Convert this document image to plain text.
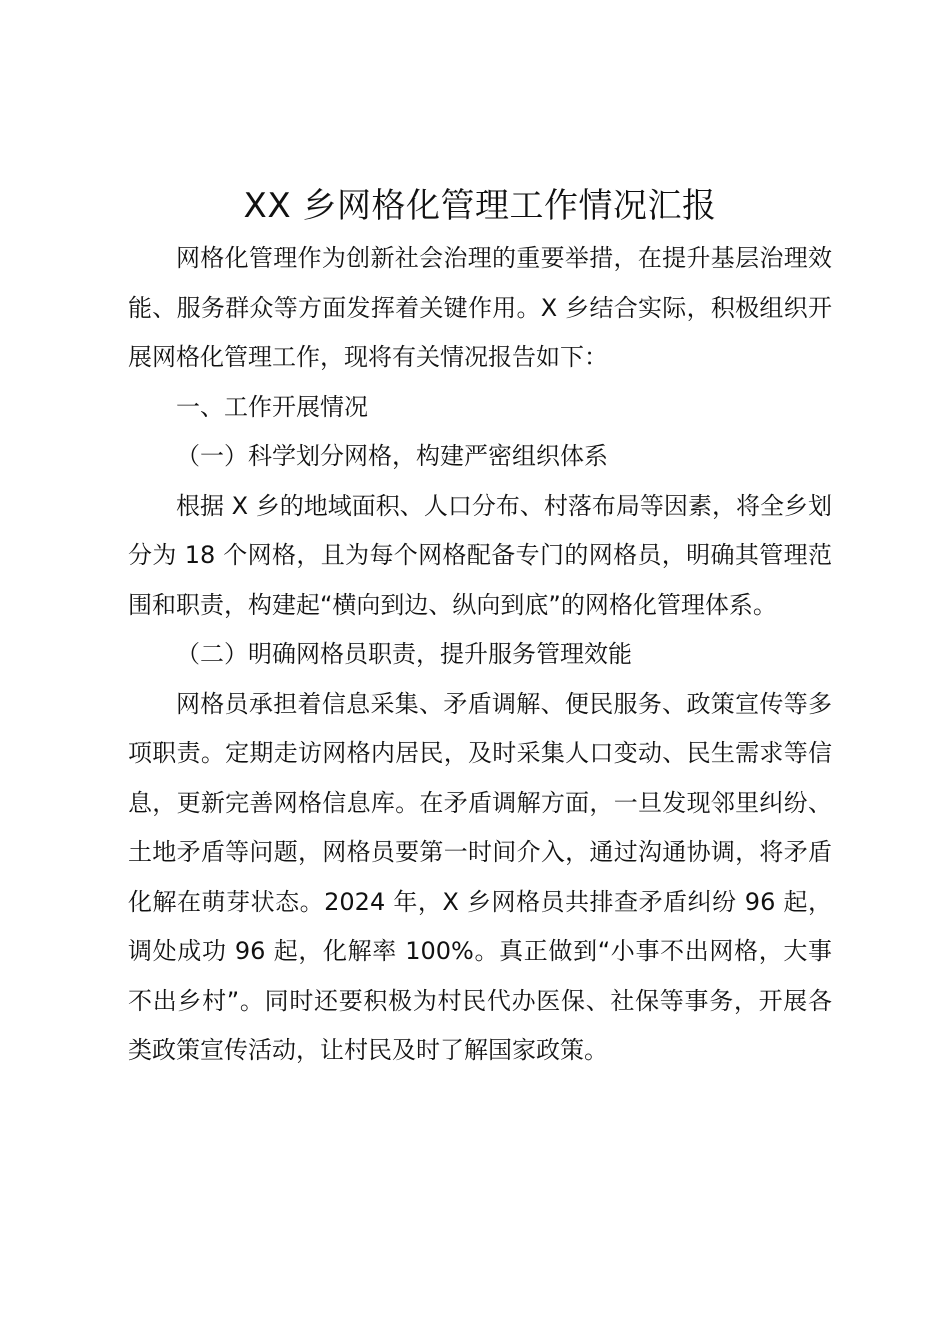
XX 乡网格化管理工作情况汇报

网格化管理作为创新社会治理的重要举措，在提升基层治理效能、服务群众等方面发挥着关键作用。X 乡结合实际，积极组织开展网格化管理工作，现将有关情况报告如下：

一、工作开展情况

（一）科学划分网格，构建严密组织体系

根据 X 乡的地域面积、人口分布、村落布局等因素，将全乡划分为 18 个网格，且为每个网格配备专门的网格员，明确其管理范围和职责，构建起“横向到边、纵向到底”的网格化管理体系。

（二）明确网格员职责，提升服务管理效能

网格员承担着信息采集、矛盾调解、便民服务、政策宣传等多项职责。定期走访网格内居民，及时采集人口变动、民生需求等信息，更新完善网格信息库。在矛盾调解方面，一旦发现邻里纠纷、土地矛盾等问题，网格员要第一时间介入，通过沟通协调，将矛盾化解在萌芽状态。2024 年，X 乡网格员共排查矛盾纠纷 96 起，调处成功 96 起，化解率 100%。真正做到“小事不出网格，大事不出乡村”。同时还要积极为村民代办医保、社保等事务，开展各类政策宣传活动，让村民及时了解国家政策。
